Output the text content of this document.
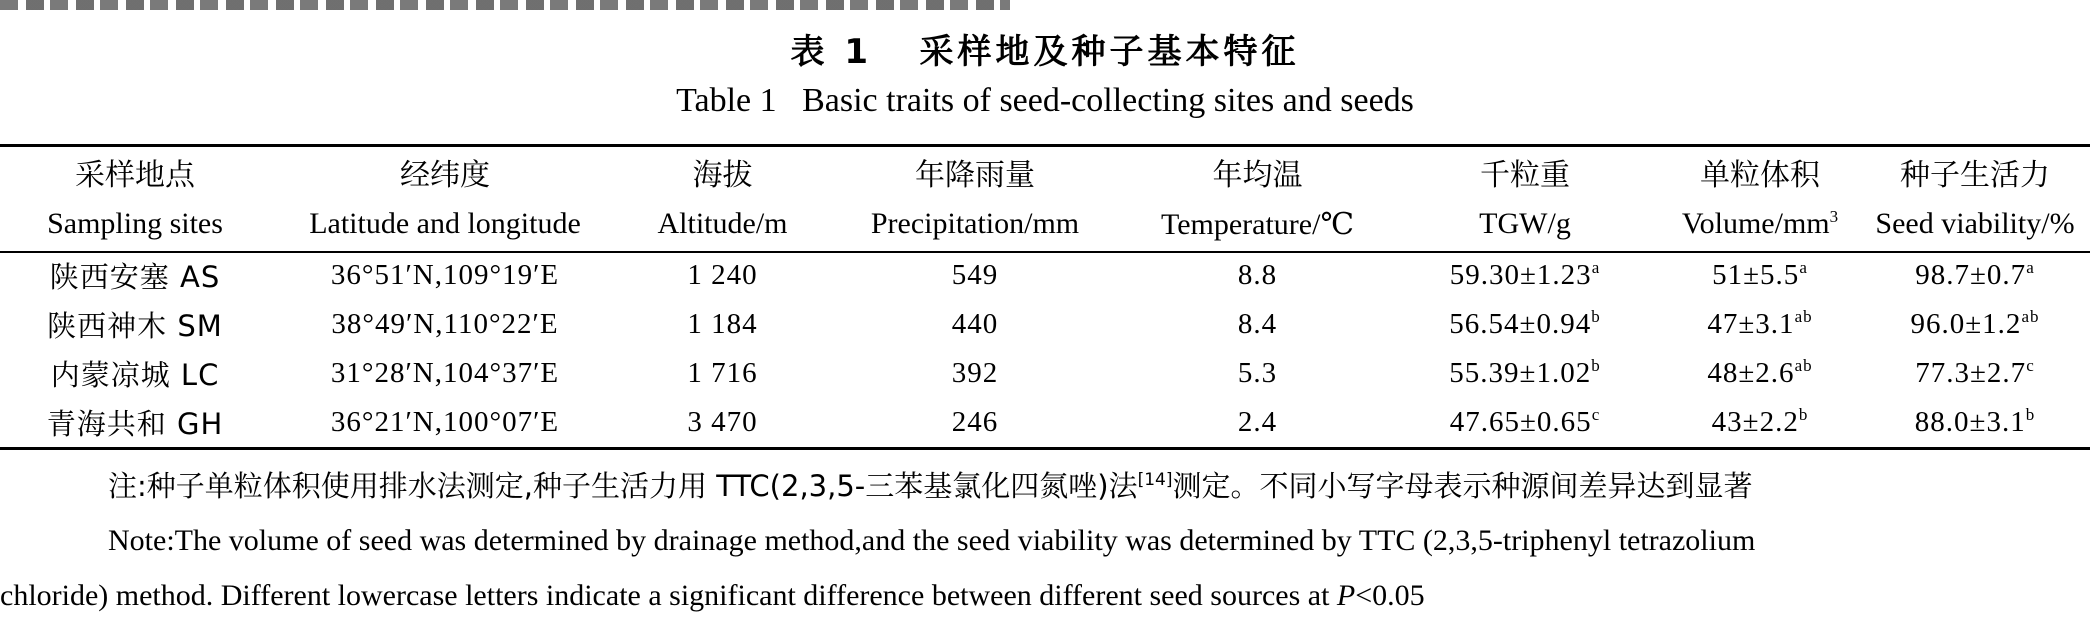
表 1   采样地及种子基本特征
Table 1   Basic traits of seed-collecting sites and seeds
采样地点	经纬度	海拔	年降雨量	年均温	千粒重	单粒体积	种子生活力
Sampling sites	Latitude and longitude	Altitude/m	Precipitation/mm	Temperature/℃	TGW/g	Volume/$mm^3$	Seed viability/%
陕西安塞 AS	36°51′N,109°19′E	1 240	549	8.8	59.30±1.23$^a$	51±5.5$^a$	98.7±0.7$^a$
陕西神木 SM	38°49′N,110°22′E	1 184	440	8.4	56.54±0.94$^b$	47±3.1$^{ab}$	96.0±1.2$^{ab}$
内蒙凉城 LC	31°28′N,104°37′E	1 716	392	5.3	55.39±1.02$^b$	48±2.6$^{ab}$	77.3±2.7$^c$
青海共和 GH	36°21′N,100°07′E	3 470	246	2.4	47.65±0.65$^c$	43±2.2$^b$	88.0±3.1$^b$
注:种子单粒体积使用排水法测定,种子生活力用 TTC(2,3,5-三苯基氯化四氮唑)法[14]测定。不同小写字母表示种源间差异达到显著
Note:The volume of seed was determined by drainage method,and the seed viability was determined by TTC (2,3,5-triphenyl tetrazolium
chloride) method. Different lowercase letters indicate a significant difference between different seed sources at P<0.05
